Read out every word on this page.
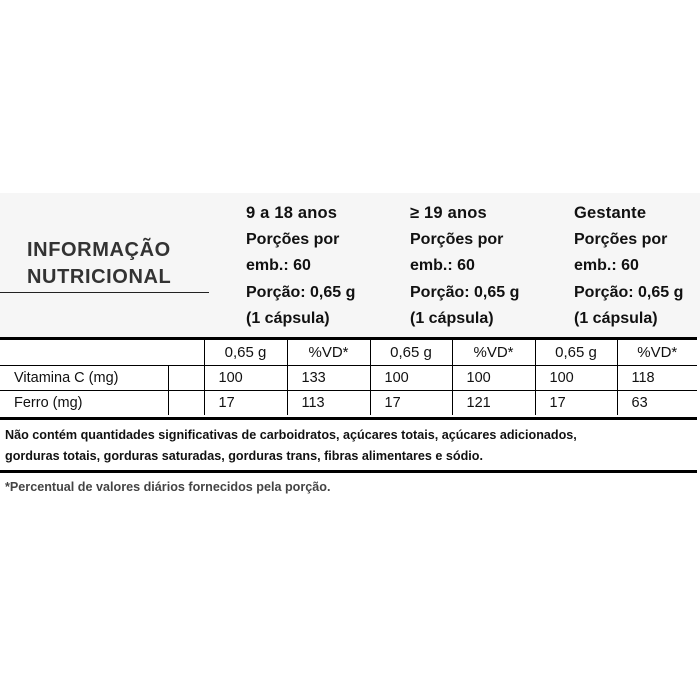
INFORMAÇÃO
NUTRICIONAL
9 a 18 anos
Porções por
emb.: 60
Porção: 0,65 g
(1 cápsula)
≥ 19 anos
Porções por
emb.: 60
Porção: 0,65 g
(1 cápsula)
Gestante
Porções por
emb.: 60
Porção: 0,65 g
(1 cápsula)
		0,65 g	%VD*	0,65 g	%VD*	0,65 g	%VD*
Vitamina C (mg)		100	133	100	100	100	118
Ferro (mg)		17	113	17	121	17	63
Não contém quantidades significativas de carboidratos, açúcares totais, açúcares adicionados,
gorduras totais, gorduras saturadas, gorduras trans, fibras alimentares e sódio.
*Percentual de valores diários fornecidos pela porção.
